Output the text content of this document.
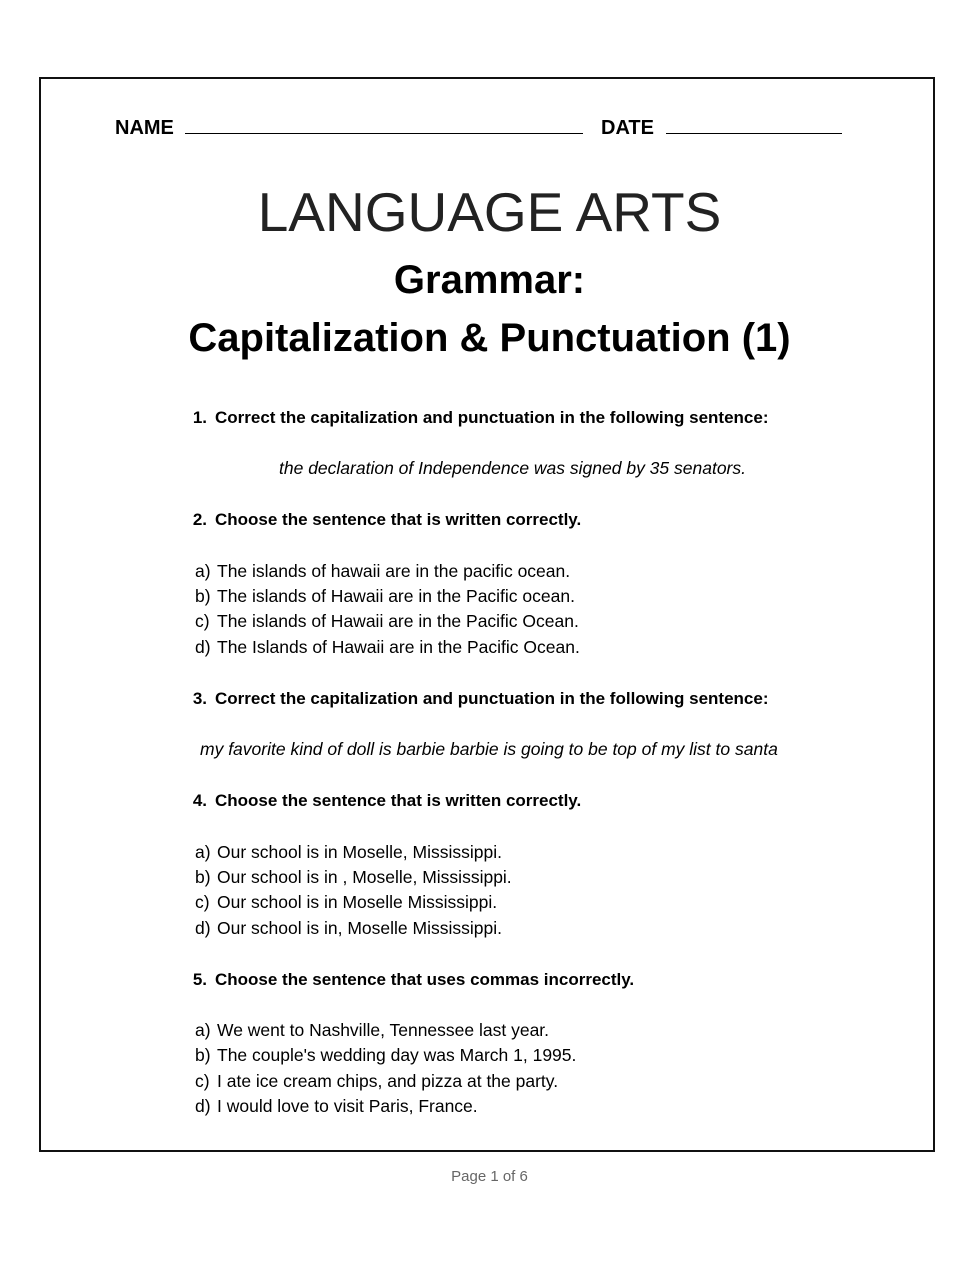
NAME	DATE
LANGUAGE ARTS
Grammar:
Capitalization & Punctuation (1)
1. Correct the capitalization and punctuation in the following sentence:
the declaration of Independence was signed by 35 senators.
2. Choose the sentence that is written correctly.
a) The islands of hawaii are in the pacific ocean.
b) The islands of Hawaii are in the Pacific ocean.
c) The islands of Hawaii are in the Pacific Ocean.
d) The Islands of Hawaii are in the Pacific Ocean.
3. Correct the capitalization and punctuation in the following sentence:
my favorite kind of doll is barbie barbie is going to be top of my list to santa
4. Choose the sentence that is written correctly.
a) Our school is in Moselle, Mississippi.
b) Our school is in , Moselle, Mississippi.
c) Our school is in Moselle Mississippi.
d) Our school is in, Moselle Mississippi.
5. Choose the sentence that uses commas incorrectly.
a) We went to Nashville, Tennessee last year.
b) The couple's wedding day was March 1, 1995.
c) I ate ice cream chips, and pizza at the party.
d) I would love to visit Paris, France.
Page 1 of 6
